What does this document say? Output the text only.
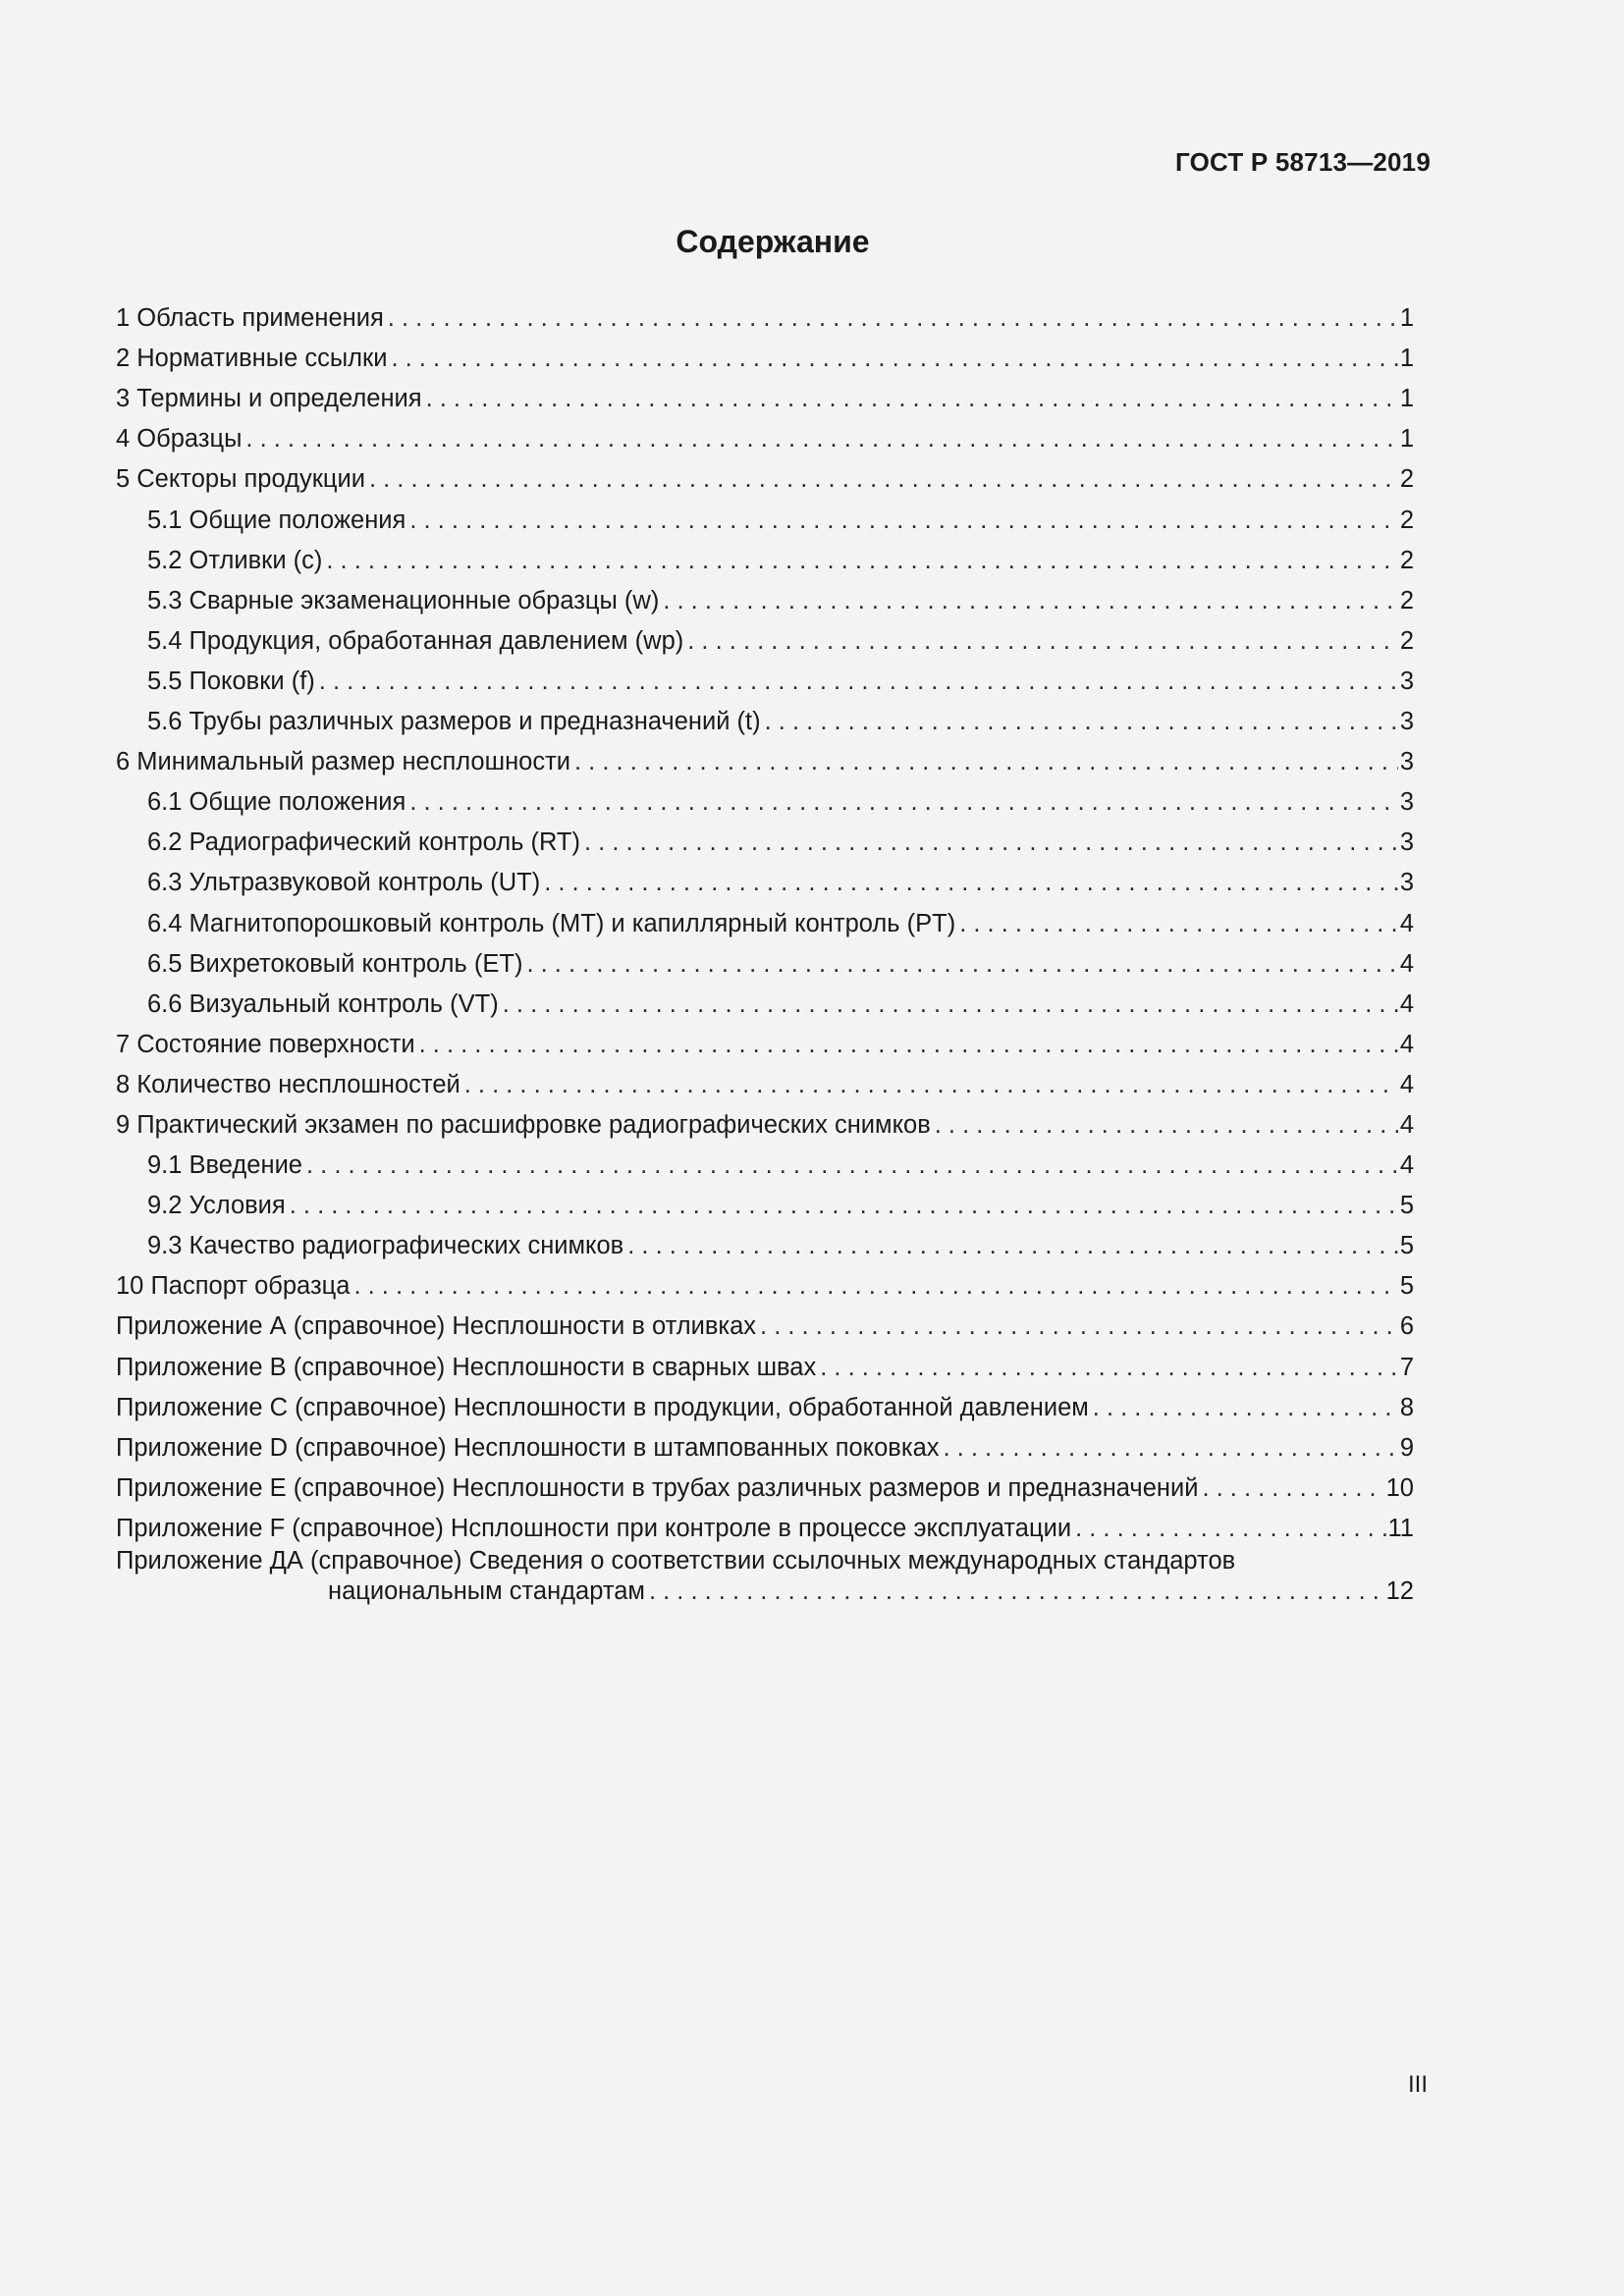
ГОСТ Р 58713—2019
Содержание
1 Область применения . . .	1
2 Нормативные ссылки . . .	1
3 Термины и определения . . .	1
4 Образцы . . .	1
5 Секторы продукции . . .	2
5.1 Общие положения . . .	2
5.2 Отливки (с) . . .	2
5.3 Сварные экзаменационные образцы (w) . . .	2
5.4 Продукция, обработанная давлением (wp) . . .	2
5.5 Поковки (f) . . .	3
5.6 Трубы различных размеров и предназначений (t) . . .	3
6 Минимальный размер несплошности . . .	3
6.1 Общие положения . . .	3
6.2 Радиографический контроль (RT) . . .	3
6.3 Ультразвуковой контроль (UT) . . .	3
6.4 Магнитопорошковый контроль (MT) и капиллярный контроль (PT) . . .	4
6.5 Вихретоковый контроль (ET) . . .	4
6.6 Визуальный контроль (VT) . . .	4
7 Состояние поверхности . . .	4
8 Количество несплошностей . . .	4
9 Практический экзамен по расшифровке радиографических снимков . . .	4
9.1 Введение . . .	4
9.2 Условия . . .	5
9.3 Качество радиографических снимков . . .	5
10 Паспорт образца . . .	5
Приложение А (справочное) Несплошности в отливках . . .	6
Приложение В (справочное) Несплошности в сварных швах . . .	7
Приложение С (справочное) Несплошности в продукции, обработанной давлением . . .	8
Приложение D (справочное) Несплошности в штампованных поковках . . .	9
Приложение Е (справочное) Несплошности в трубах различных размеров и предназначений . . .	10
Приложение F (справочное) Нсплошности при контроле в процессе эксплуатации . . .	11
Приложение ДА (справочное) Сведения о соответствии ссылочных международных стандартов
национальным стандартам . . .	12
III
